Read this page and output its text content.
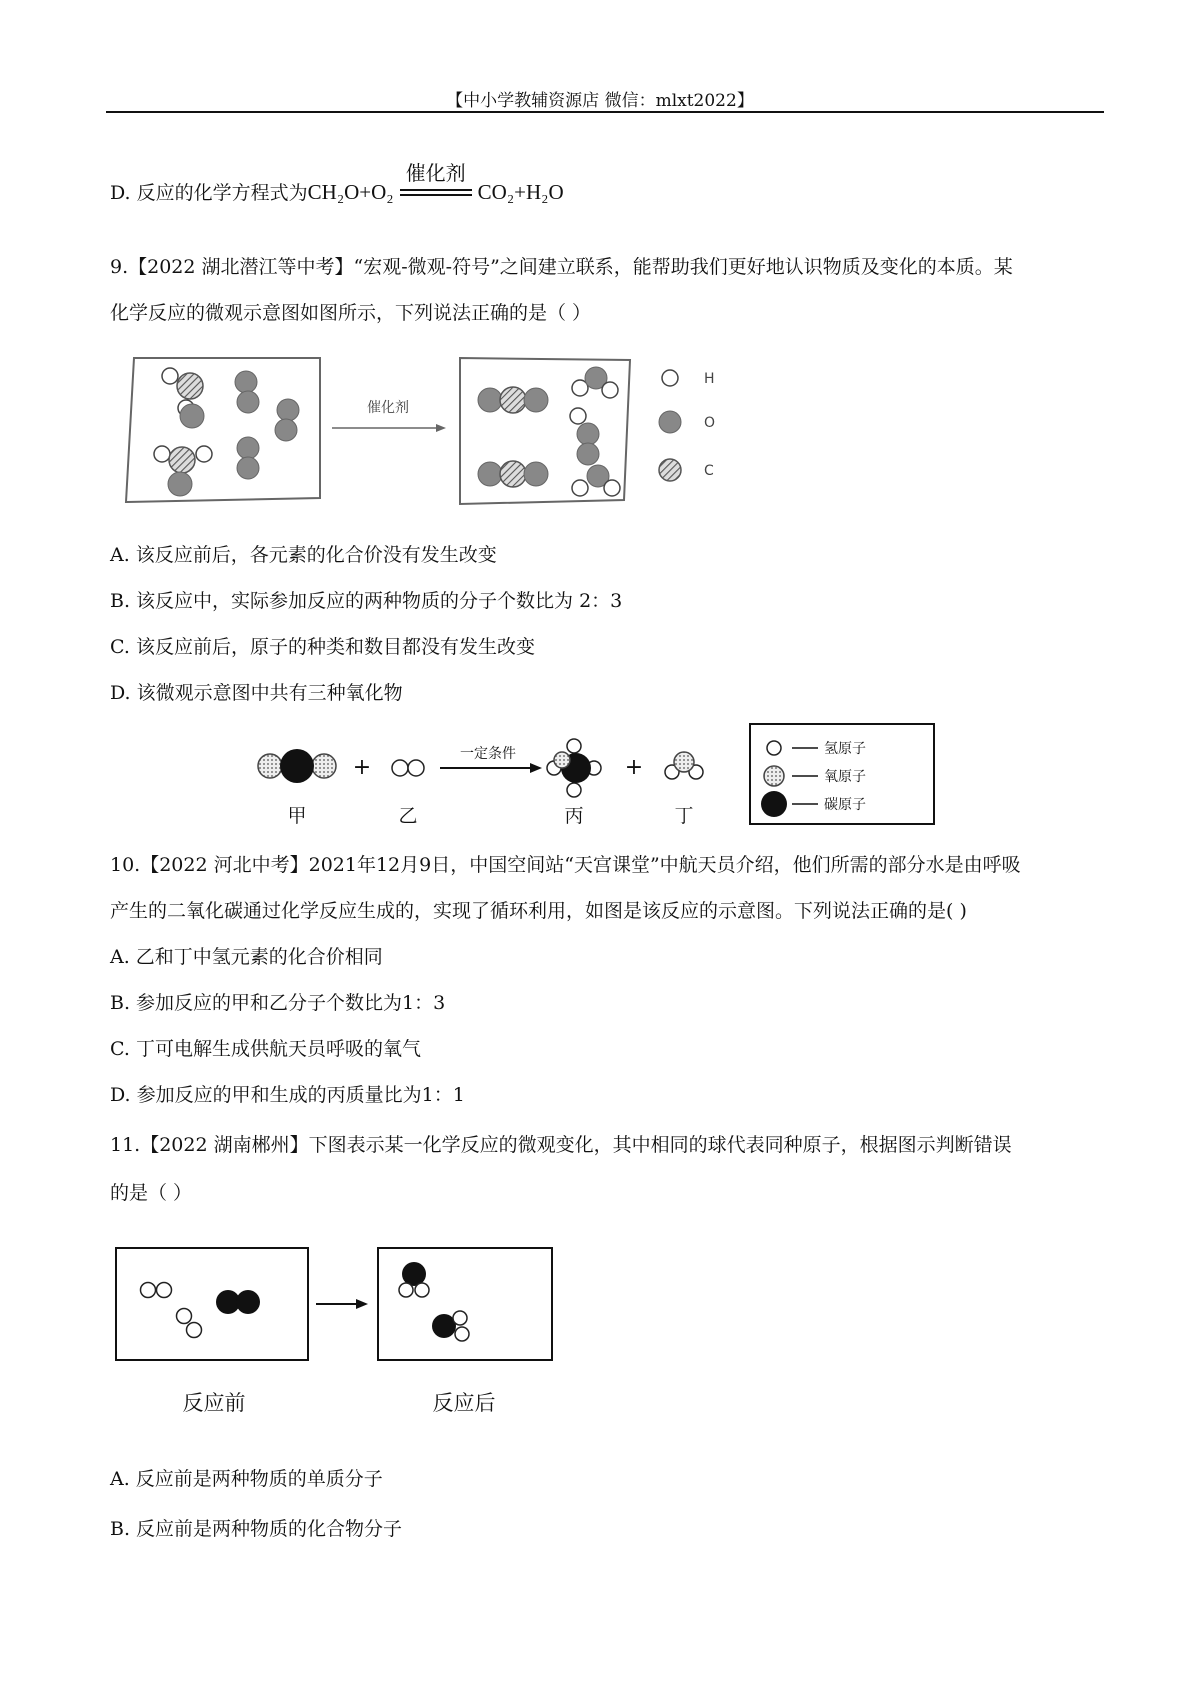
【中小学教辅资源店 微信：mlxt2022】
D. 反应的化学方程式为CH₂O+O₂
催化剂
CO₂+H₂O
9.【2022 湖北潜江等中考】“宏观-微观-符号”之间建立联系，能帮助我们更好地认识物质及变化的本质。某
化学反应的微观示意图如图所示，下列说法正确的是（ ）
催化剂
H
O
C
A. 该反应前后，各元素的化合价没有发生改变
B. 该反应中，实际参加反应的两种物质的分子个数比为 2：3
C. 该反应前后，原子的种类和数目都没有发生改变
D. 该微观示意图中共有三种氧化物
甲
+
乙
一定条件
丙
+
丁
氢原子
氧原子
碳原子
10.【2022 河北中考】2021年12月9日，中国空间站“天宫课堂”中航天员介绍，他们所需的部分水是由呼吸
产生的二氧化碳通过化学反应生成的，实现了循环利用，如图是该反应的示意图。下列说法正确的是( )
A. 乙和丁中氢元素的化合价相同
B. 参加反应的甲和乙分子个数比为1：3
C. 丁可电解生成供航天员呼吸的氧气
D. 参加反应的甲和生成的丙质量比为1：1
11.【2022 湖南郴州】下图表示某一化学反应的微观变化，其中相同的球代表同种原子，根据图示判断错误
的是（ ）
反应前	反应后
A. 反应前是两种物质的单质分子
B. 反应前是两种物质的化合物分子
